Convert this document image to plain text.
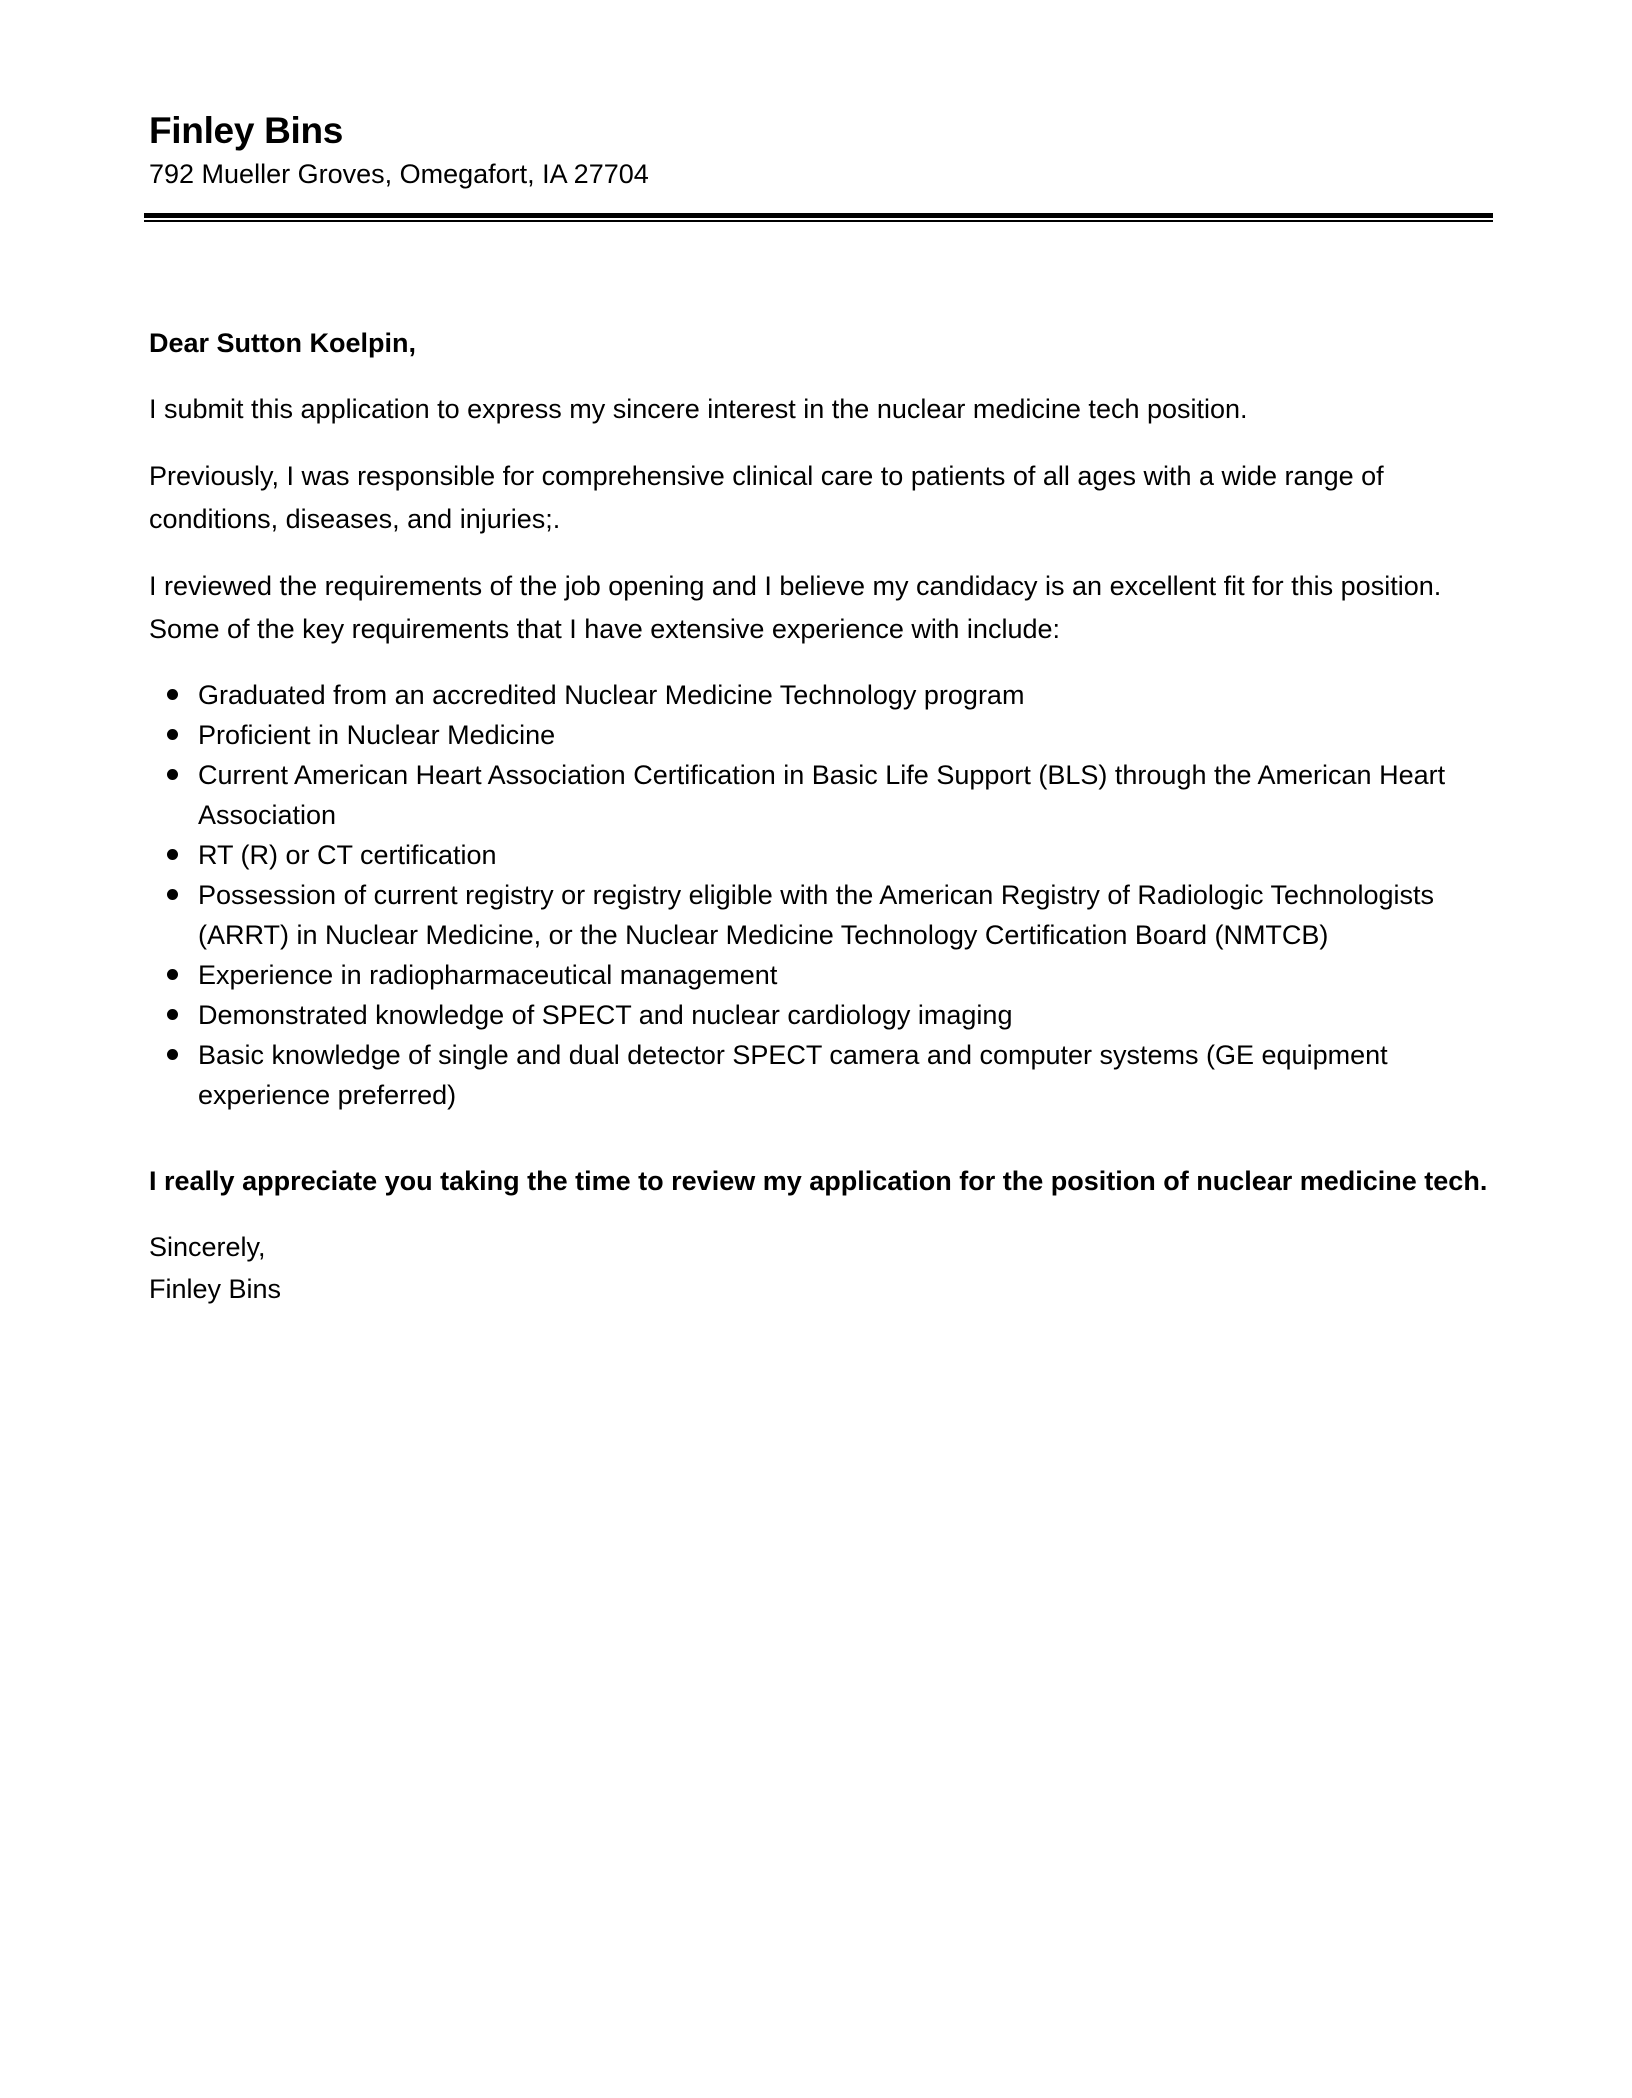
Finley Bins
792 Mueller Groves, Omegafort, IA 27704
Dear Sutton Koelpin,

I submit this application to express my sincere interest in the nuclear medicine tech position.

Previously, I was responsible for comprehensive clinical care to patients of all ages with a wide range of conditions, diseases, and injuries;.

I reviewed the requirements of the job opening and I believe my candidacy is an excellent fit for this position. Some of the key requirements that I have extensive experience with include:

Graduated from an accredited Nuclear Medicine Technology program
Proficient in Nuclear Medicine
Current American Heart Association Certification in Basic Life Support (BLS) through the American Heart Association
RT (R) or CT certification
Possession of current registry or registry eligible with the American Registry of Radiologic Technologists (ARRT) in Nuclear Medicine, or the Nuclear Medicine Technology Certification Board (NMTCB)
Experience in radiopharmaceutical management
Demonstrated knowledge of SPECT and nuclear cardiology imaging
Basic knowledge of single and dual detector SPECT camera and computer systems (GE equipment experience preferred)
I really appreciate you taking the time to review my application for the position of nuclear medicine tech.
Sincerely,
Finley Bins
